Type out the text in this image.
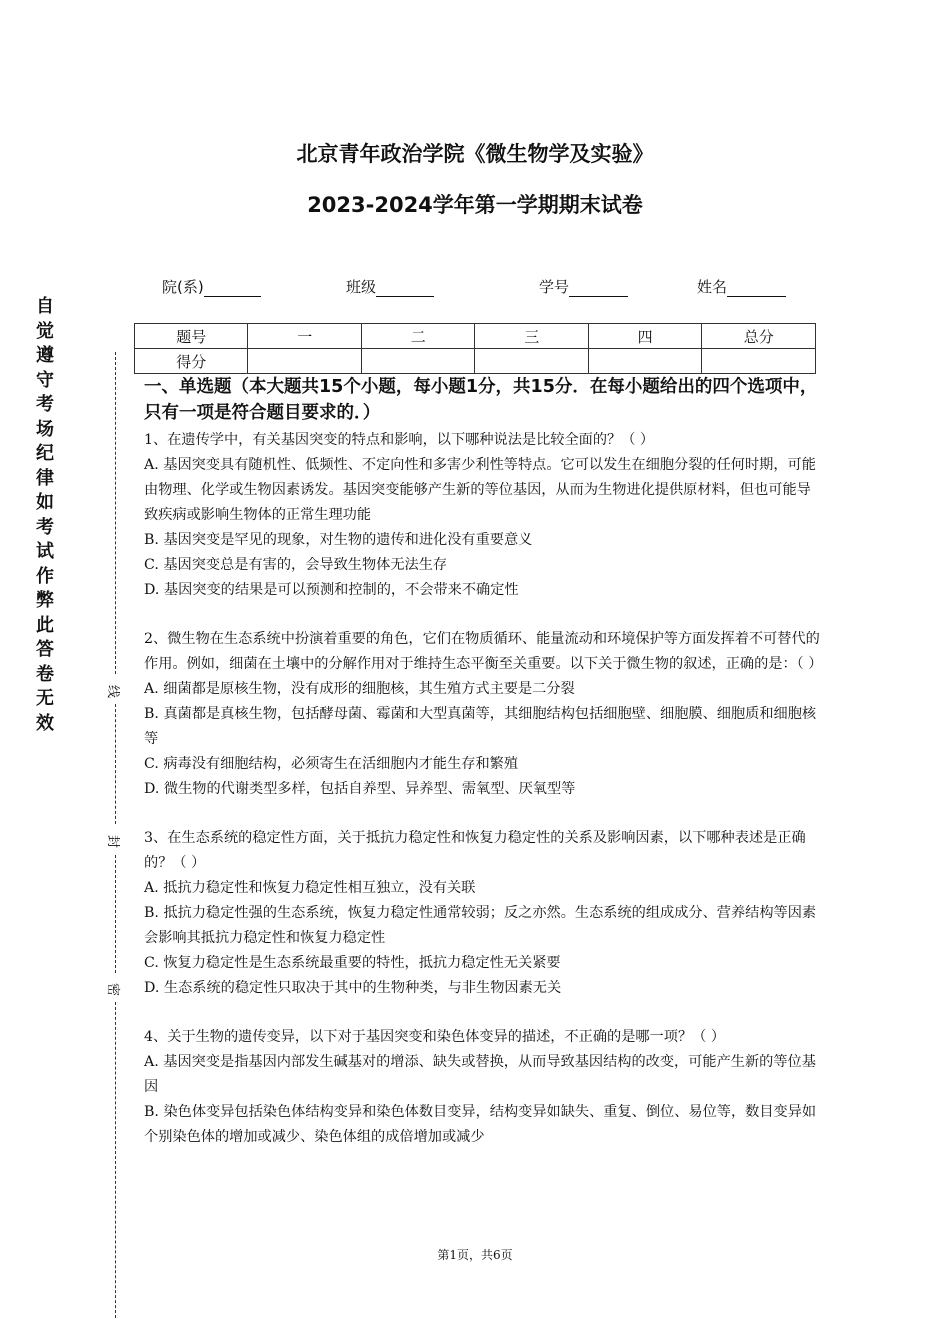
北京青年政治学院《微生物学及实验》
2023-2024学年第一学期期末试卷
院(系)	班级	学号	姓名
题号	一	二	三	四	总分
得分					
自
觉
遵
守
考
场
纪
律
如
考
试
作
弊
此
答
卷
无
效
线
封
密
一、单选题（本大题共15个小题，每小题1分，共15分．在每小题给出的四个选项中，只有一项是符合题目要求的．）
1、在遗传学中，有关基因突变的特点和影响，以下哪种说法是比较全面的？（ ）
A. 基因突变具有随机性、低频性、不定向性和多害少利性等特点。它可以发生在细胞分裂的任何时期，可能由物理、化学或生物因素诱发。基因突变能够产生新的等位基因，从而为生物进化提供原材料，但也可能导致疾病或影响生物体的正常生理功能
B. 基因突变是罕见的现象，对生物的遗传和进化没有重要意义
C. 基因突变总是有害的，会导致生物体无法生存
D. 基因突变的结果是可以预测和控制的，不会带来不确定性
2、微生物在生态系统中扮演着重要的角色，它们在物质循环、能量流动和环境保护等方面发挥着不可替代的作用。例如，细菌在土壤中的分解作用对于维持生态平衡至关重要。以下关于微生物的叙述，正确的是：（ ）
A. 细菌都是原核生物，没有成形的细胞核，其生殖方式主要是二分裂
B. 真菌都是真核生物，包括酵母菌、霉菌和大型真菌等，其细胞结构包括细胞壁、细胞膜、细胞质和细胞核等
C. 病毒没有细胞结构，必须寄生在活细胞内才能生存和繁殖
D. 微生物的代谢类型多样，包括自养型、异养型、需氧型、厌氧型等
3、在生态系统的稳定性方面，关于抵抗力稳定性和恢复力稳定性的关系及影响因素，以下哪种表述是正确的？（ ）
A. 抵抗力稳定性和恢复力稳定性相互独立，没有关联
B. 抵抗力稳定性强的生态系统，恢复力稳定性通常较弱；反之亦然。生态系统的组成成分、营养结构等因素会影响其抵抗力稳定性和恢复力稳定性
C. 恢复力稳定性是生态系统最重要的特性，抵抗力稳定性无关紧要
D. 生态系统的稳定性只取决于其中的生物种类，与非生物因素无关
4、关于生物的遗传变异，以下对于基因突变和染色体变异的描述，不正确的是哪一项？（ ）
A. 基因突变是指基因内部发生碱基对的增添、缺失或替换，从而导致基因结构的改变，可能产生新的等位基因
B. 染色体变异包括染色体结构变异和染色体数目变异，结构变异如缺失、重复、倒位、易位等，数目变异如个别染色体的增加或减少、染色体组的成倍增加或减少
第1页，共6页
